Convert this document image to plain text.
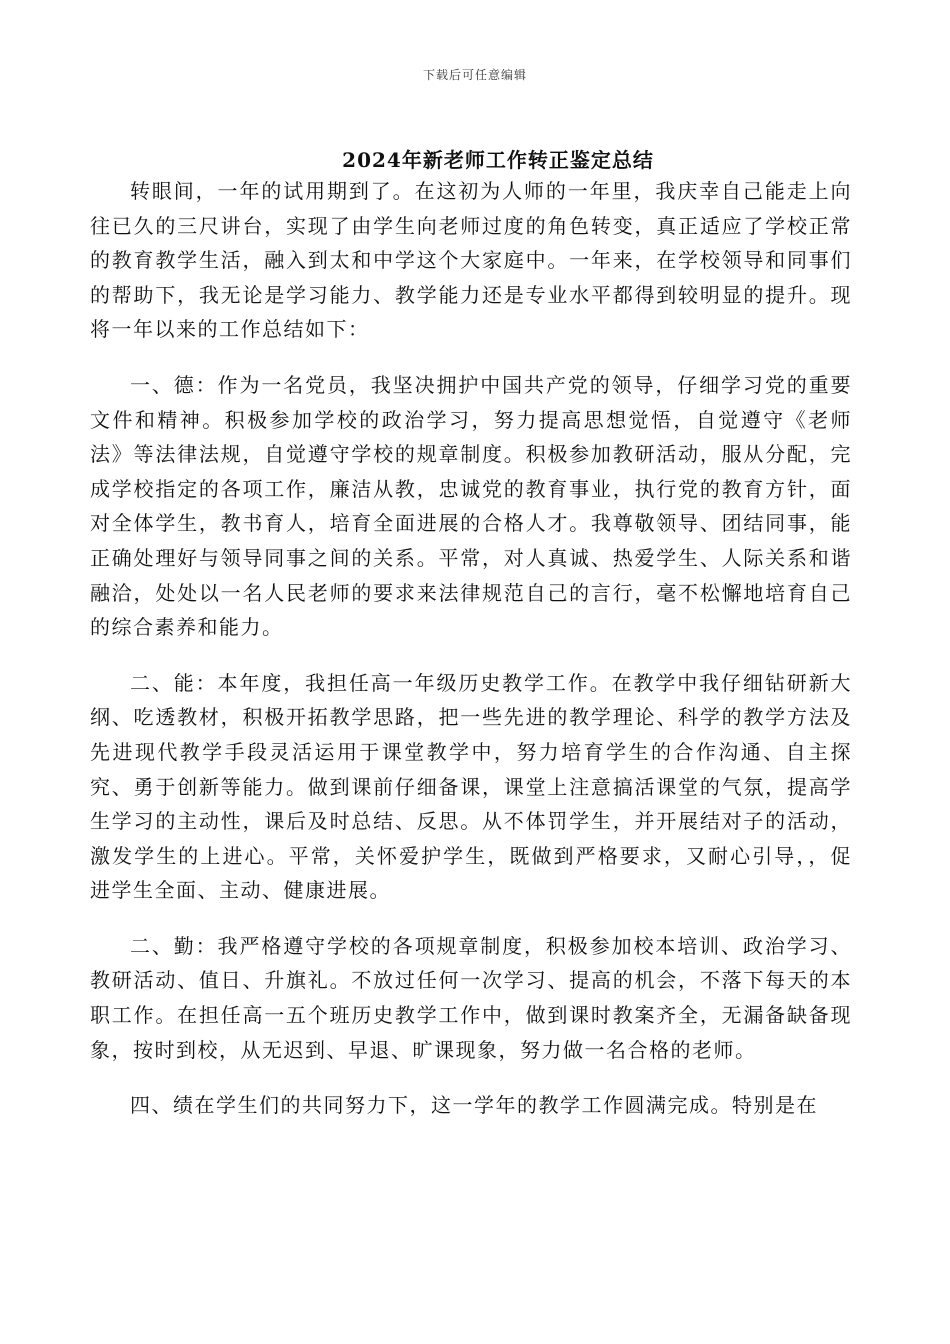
下载后可任意编辑
2024年新老师工作转正鉴定总结

转眼间，一年的试用期到了。在这初为人师的一年里，我庆幸自己能走上向往已久的三尺讲台，实现了由学生向老师过度的角色转变，真正适应了学校正常的教育教学生活，融入到太和中学这个大家庭中。一年来，在学校领导和同事们的帮助下，我无论是学习能力、教学能力还是专业水平都得到较明显的提升。现将一年以来的工作总结如下：

一、德：作为一名党员，我坚决拥护中国共产党的领导，仔细学习党的重要文件和精神。积极参加学校的政治学习，努力提高思想觉悟，自觉遵守《老师法》等法律法规，自觉遵守学校的规章制度。积极参加教研活动，服从分配，完成学校指定的各项工作，廉洁从教，忠诚党的教育事业，执行党的教育方针，面对全体学生，教书育人，培育全面进展的合格人才。我尊敬领导、团结同事，能正确处理好与领导同事之间的关系。平常，对人真诚、热爱学生、人际关系和谐融洽，处处以一名人民老师的要求来法律规范自己的言行，毫不松懈地培育自己的综合素养和能力。

二、能：本年度，我担任高一年级历史教学工作。在教学中我仔细钻研新大纲、吃透教材，积极开拓教学思路，把一些先进的教学理论、科学的教学方法及先进现代教学手段灵活运用于课堂教学中，努力培育学生的合作沟通、自主探究、勇于创新等能力。做到课前仔细备课，课堂上注意搞活课堂的气氛，提高学生学习的主动性，课后及时总结、反思。从不体罚学生，并开展结对子的活动，激发学生的上进心。平常，关怀爱护学生，既做到严格要求，又耐心引导，，促进学生全面、主动、健康进展。

二、勤：我严格遵守学校的各项规章制度，积极参加校本培训、政治学习、教研活动、值日、升旗礼。不放过任何一次学习、提高的机会，不落下每天的本职工作。在担任高一五个班历史教学工作中，做到课时教案齐全，无漏备缺备现象，按时到校，从无迟到、早退、旷课现象，努力做一名合格的老师。

四、绩在学生们的共同努力下，这一学年的教学工作圆满完成。特别是在
